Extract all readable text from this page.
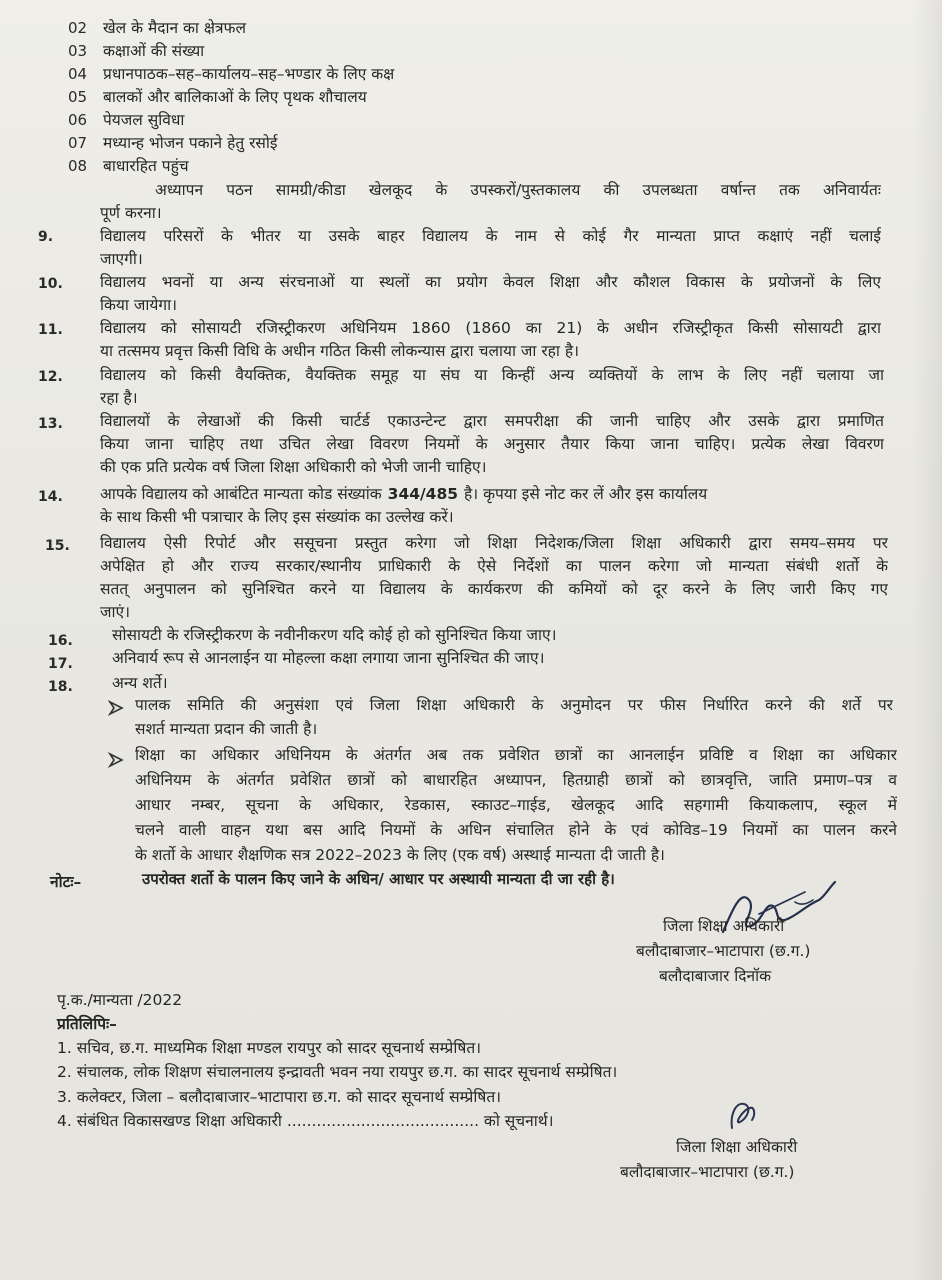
02 खेल के मैदान का क्षेत्रफल
03 कक्षाओं की संख्या
04 प्रधानपाठक–सह–कार्यालय–सह–भण्डार के लिए कक्ष
05 बालकों और बालिकाओं के लिए पृथक शौचालय
06 पेयजल सुविधा
07 मध्यान्ह भोजन पकाने हेतु रसोई
08 बाधारहित पहुंच
अध्यापन पठन सामग्री/कीडा खेलकूद के उपस्करों/पुस्तकालय की उपलब्धता वर्षान्त तक अनिवार्यतः
पूर्ण करना।
9.	विद्यालय परिसरों के भीतर या उसके बाहर विद्यालय के नाम से कोई गैर मान्यता प्राप्त कक्षाएं नहीं चलाई
जाएगी।
10. विद्यालय भवनों या अन्य संरचनाओं या स्थलों का प्रयोग केवल शिक्षा और कौशल विकास के प्रयोजनों के लिए
किया जायेगा।
11. विद्यालय को सोसायटी रजिस्ट्रीकरण अधिनियम 1860 (1860 का 21) के अधीन रजिस्ट्रीकृत किसी सोसायटी द्वारा
या तत्समय प्रवृत्त किसी विधि के अधीन गठित किसी लोकन्यास द्वारा चलाया जा रहा है।
12. विद्यालय को किसी वैयक्तिक, वैयक्तिक समूह या संघ या किन्हीं अन्य व्यक्तियों के लाभ के लिए नहीं चलाया जा
रहा है।
13. विद्यालयों के लेखाओं की किसी चार्टर्ड एकाउन्टेन्ट द्वारा समपरीक्षा की जानी चाहिए और उसके द्वारा प्रमाणित
किया जाना चाहिए तथा उचित लेखा विवरण नियमों के अनुसार तैयार किया जाना चाहिए। प्रत्येक लेखा विवरण
की एक प्रति प्रत्येक वर्ष जिला शिक्षा अधिकारी को भेजी जानी चाहिए।
14. आपके विद्यालय को आबंटित मान्यता कोड संख्यांक 344/485 है। कृपया इसे नोट कर लें और इस कार्यालय
के साथ किसी भी पत्राचार के लिए इस संख्यांक का उल्लेख करें।
15. विद्यालय ऐसी रिपोर्ट और ससूचना प्रस्तुत करेगा जो शिक्षा निदेशक/जिला शिक्षा अधिकारी द्वारा समय–समय पर
अपेक्षित हो और राज्य सरकार/स्थानीय प्राधिकारी के ऐसे निर्देशों का पालन करेगा जो मान्यता संबंधी शर्तो के
सतत् अनुपालन को सुनिश्चित करने या विद्यालय के कार्यकरण की कमियों को दूर करने के लिए जारी किए गए
जाएं।
16.	सोसायटी के रजिस्ट्रीकरण के नवीनीकरण यदि कोई हो को सुनिश्चित किया जाए।
17.	अनिवार्य रूप से आनलाईन या मोहल्ला कक्षा लगाया जाना सुनिश्चित की जाए।
18.	अन्य शर्ते।
पालक समिति की अनुसंशा एवं जिला शिक्षा अधिकारी के अनुमोदन पर फीस निर्धारित करने की शर्ते पर
सशर्त मान्यता प्रदान की जाती है।
शिक्षा का अधिकार अधिनियम के अंतर्गत अब तक प्रवेशित छात्रों का आनलाईन प्रविष्टि व शिक्षा का अधिकार
अधिनियम के अंतर्गत प्रवेशित छात्रों को बाधारहित अध्यापन, हितग्राही छात्रों को छात्रवृत्ति, जाति प्रमाण–पत्र व
आधार नम्बर, सूचना के अधिकार, रेडकास, स्काउट–गाईड, खेलकूद आदि सहगामी कियाकलाप, स्कूल में
चलने वाली वाहन यथा बस आदि नियमों के अधिन संचालित होने के एवं कोविड–19 नियमों का पालन करने
के शर्तो के आधार शैक्षणिक सत्र 2022–2023 के लिए (एक वर्ष) अस्थाई मान्यता दी जाती है।
नोटः–	उपरोक्त शर्तो के पालन किए जाने के अधिन/ आधार पर अस्थायी मान्यता दी जा रही है।
जिला शिक्षा अधिकारी
बलौदाबाजार–भाटापारा (छ.ग.)
बलौदाबाजार दिनॉक
पृ.क./मान्यता /2022
प्रतिलिपिः–
1. सचिव, छ.ग. माध्यमिक शिक्षा मण्डल रायपुर को सादर सूचनार्थ सम्प्रेषित।
2. संचालक, लोक शिक्षण संचालनालय इन्द्रावती भवन नया रायपुर छ.ग. का सादर सूचनार्थ सम्प्रेषित।
3. कलेक्टर, जिला – बलौदाबाजार–भाटापारा छ.ग. को सादर सूचनार्थ सम्प्रेषित।
4. संबंधित विकासखण्ड शिक्षा अधिकारी ....................................... को सूचनार्थ।
जिला शिक्षा अधिकारी
बलौदाबाजार–भाटापारा (छ.ग.)
